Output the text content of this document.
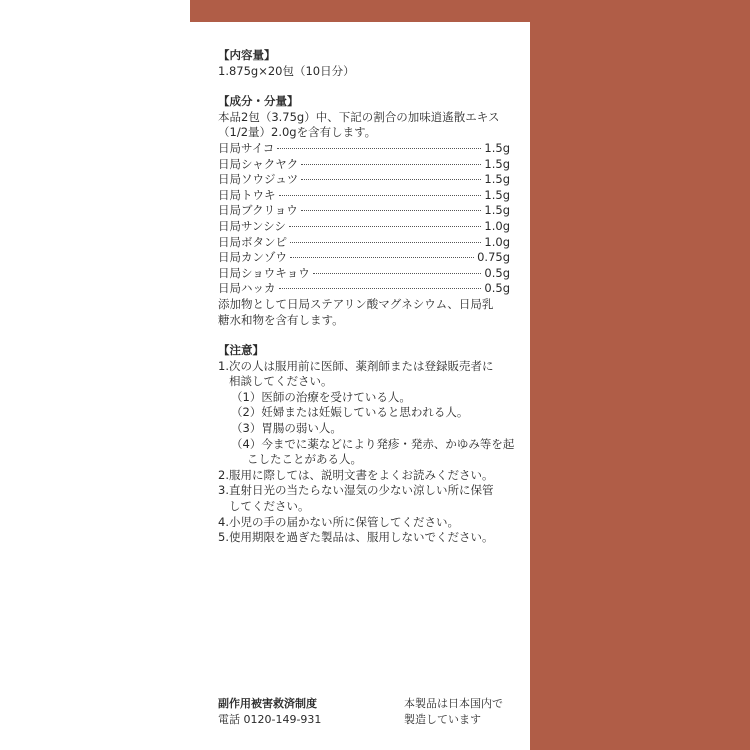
【内容量】
1.875g×20包（10日分）
【成分・分量】
本品2包（3.75g）中、下記の割合の加味逍遙散エキス
（1/2量）2.0gを含有します。
日局サイコ	1.5g
日局シャクヤク	1.5g
日局ソウジュツ	1.5g
日局トウキ	1.5g
日局ブクリョウ	1.5g
日局サンシシ	1.0g
日局ボタンピ	1.0g
日局カンゾウ	0.75g
日局ショウキョウ	0.5g
日局ハッカ	0.5g
添加物として日局ステアリン酸マグネシウム、日局乳
糖水和物を含有します。
【注意】
1.次の人は服用前に医師、薬剤師または登録販売者に
相談してください。
（1）医師の治療を受けている人。
（2）妊婦または妊娠していると思われる人。
（3）胃腸の弱い人。
（4）今までに薬などにより発疹・発赤、かゆみ等を起
こしたことがある人。
2.服用に際しては、説明文書をよくお読みください。
3.直射日光の当たらない湿気の少ない涼しい所に保管
してください。
4.小児の手の届かない所に保管してください。
5.使用期限を過ぎた製品は、服用しないでください。
副作用被害救済制度
電話 0120-149-931
本製品は日本国内で
製造しています
